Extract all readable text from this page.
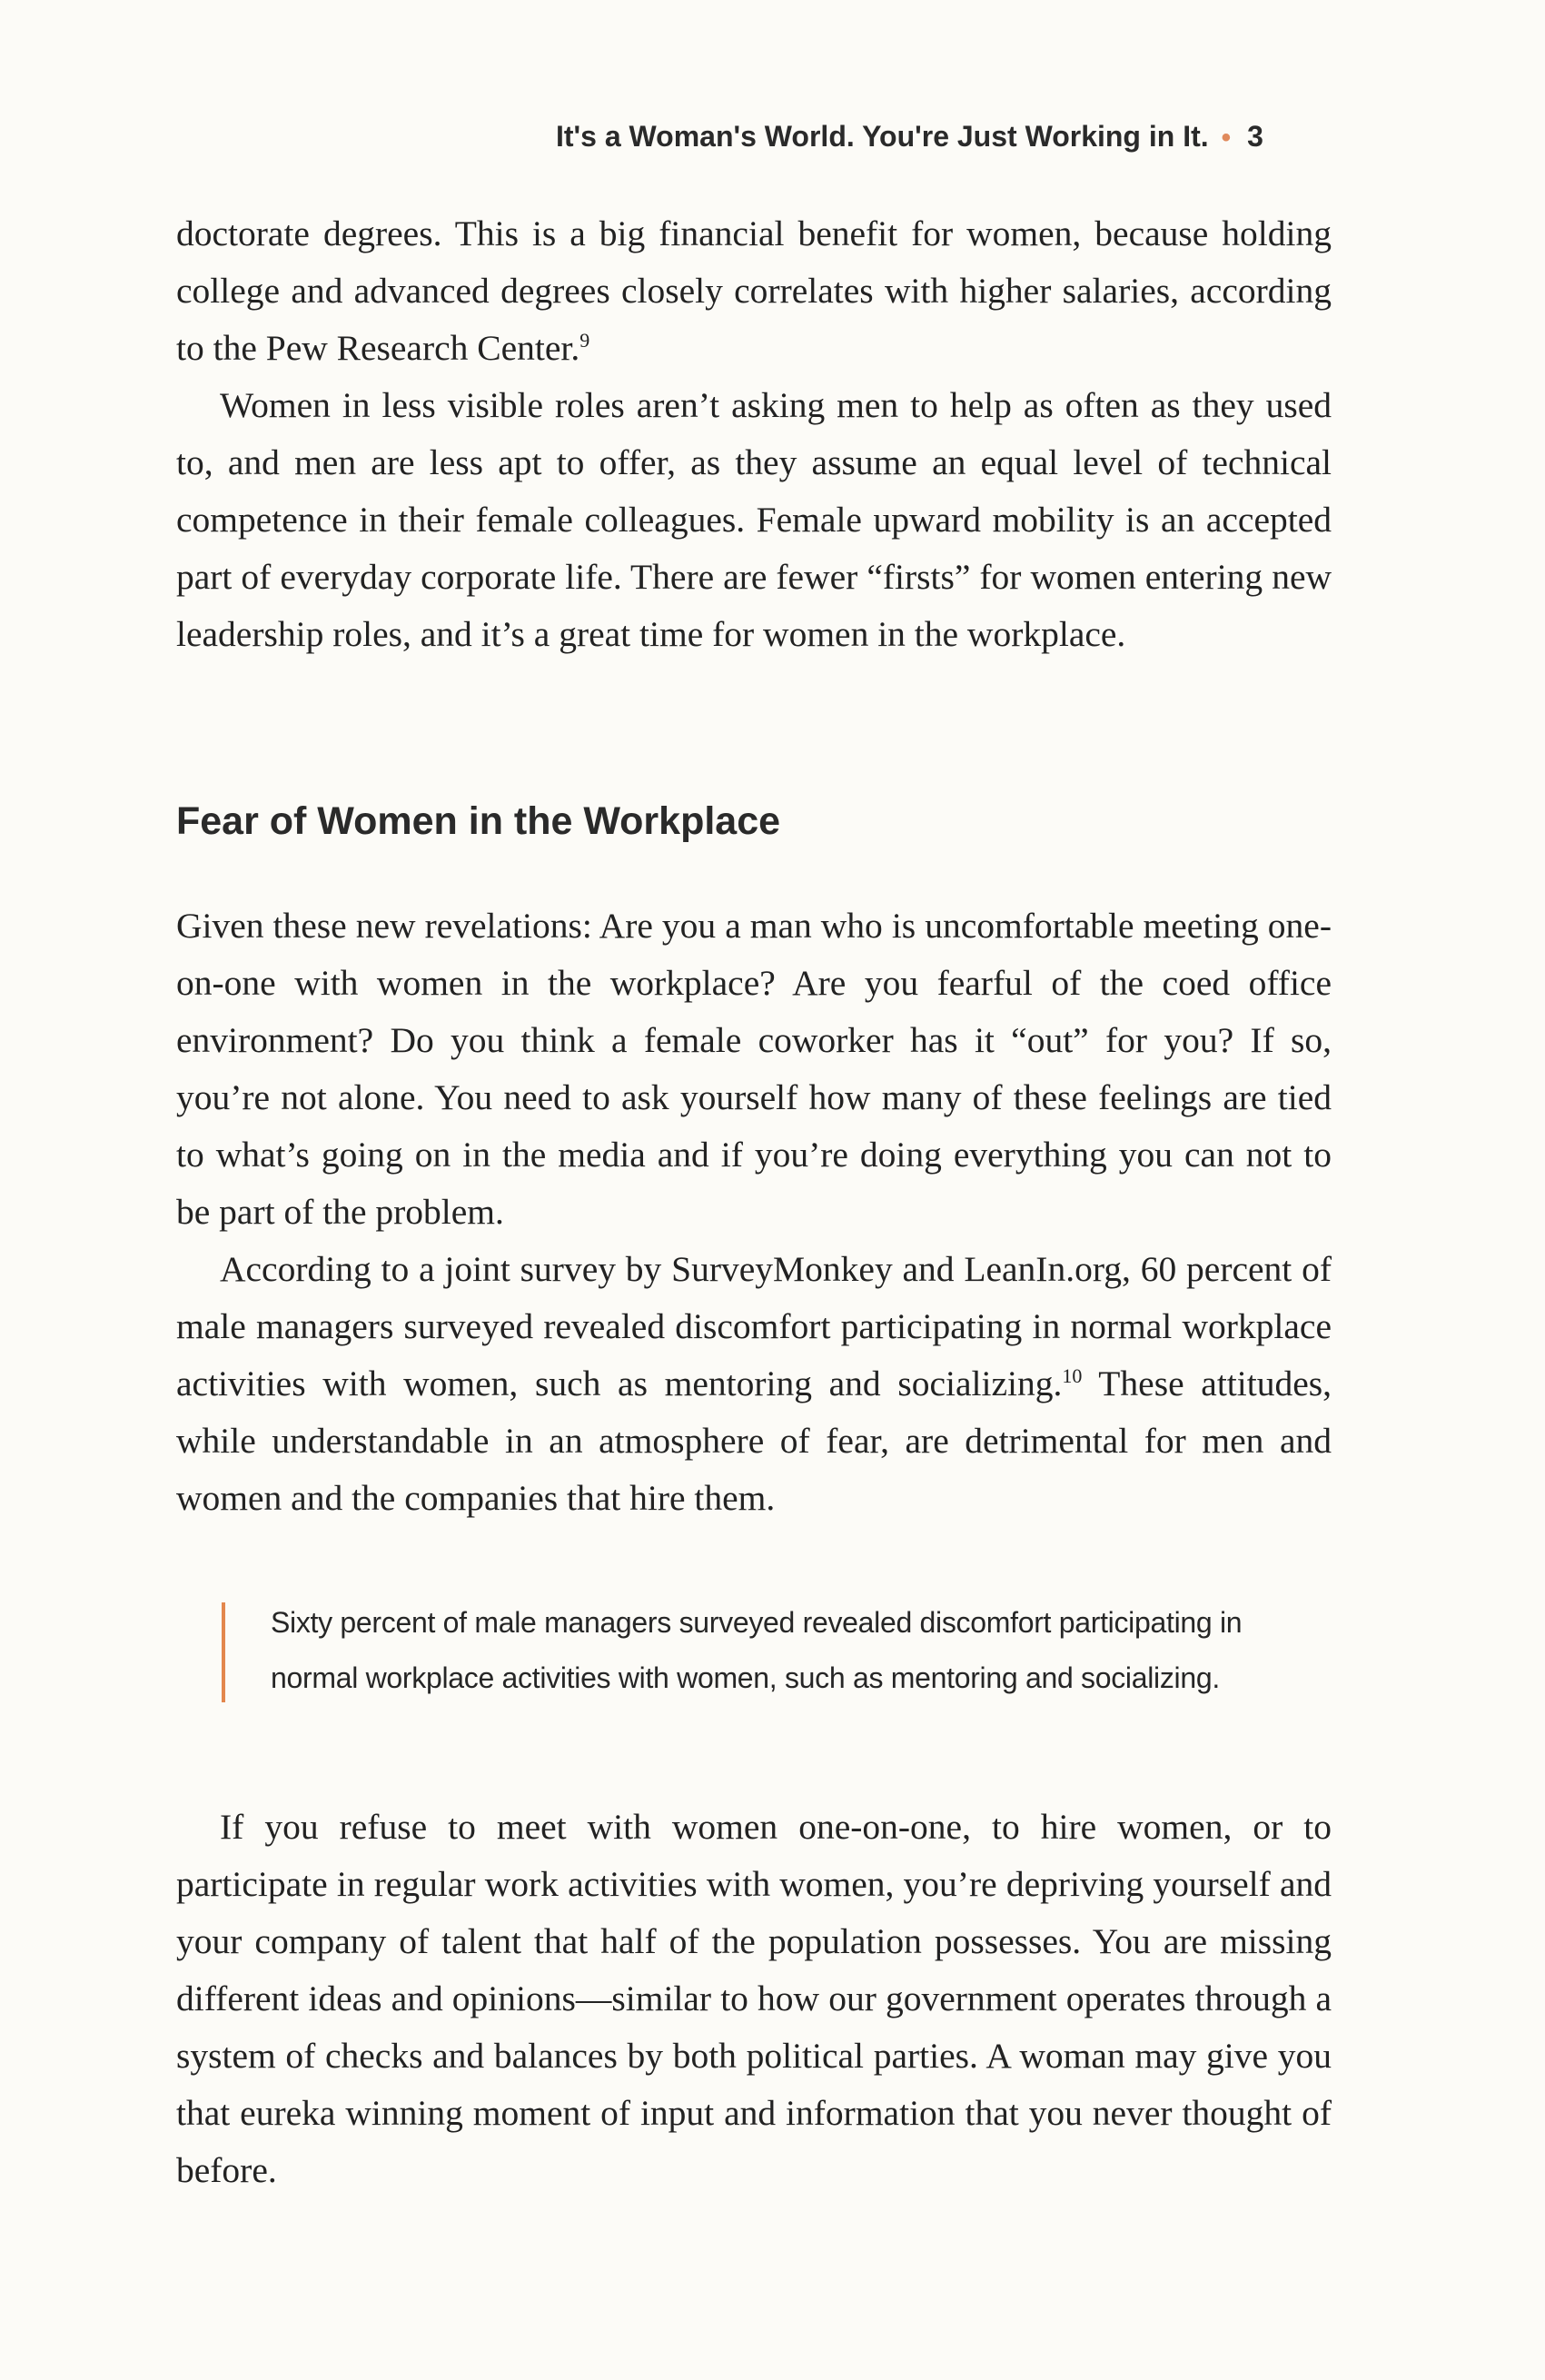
It's a Woman's World. You're Just Working in It. • 3

doctorate degrees. This is a big financial benefit for women, because holding college and advanced degrees closely correlates with higher salaries, according to the Pew Research Center.$^9$

Women in less visible roles aren’t asking men to help as often as they used to, and men are less apt to offer, as they assume an equal level of technical competence in their female colleagues. Female upward mobility is an accepted part of everyday corporate life. There are fewer “firsts” for women entering new leadership roles, and it’s a great time for women in the workplace.

Fear of Women in the Workplace

Given these new revelations: Are you a man who is uncomfortable meeting one-on-one with women in the workplace? Are you fearful of the coed office environment? Do you think a female coworker has it “out” for you? If so, you’re not alone. You need to ask yourself how many of these feelings are tied to what’s going on in the media and if you’re doing everything you can not to be part of the problem.

According to a joint survey by SurveyMonkey and LeanIn.org, 60 percent of male managers surveyed revealed discomfort participating in normal workplace activities with women, such as mentoring and socializing.$^{10}$ These attitudes, while understandable in an atmosphere of fear, are detrimental for men and women and the companies that hire them.

Sixty percent of male managers surveyed revealed discomfort participating in normal workplace activities with women, such as mentoring and socializing.

If you refuse to meet with women one-on-one, to hire women, or to participate in regular work activities with women, you’re depriving yourself and your company of talent that half of the population possesses. You are missing different ideas and opinions—similar to how our government operates through a system of checks and balances by both political parties. A woman may give you that eureka winning moment of input and information that you never thought of before.
